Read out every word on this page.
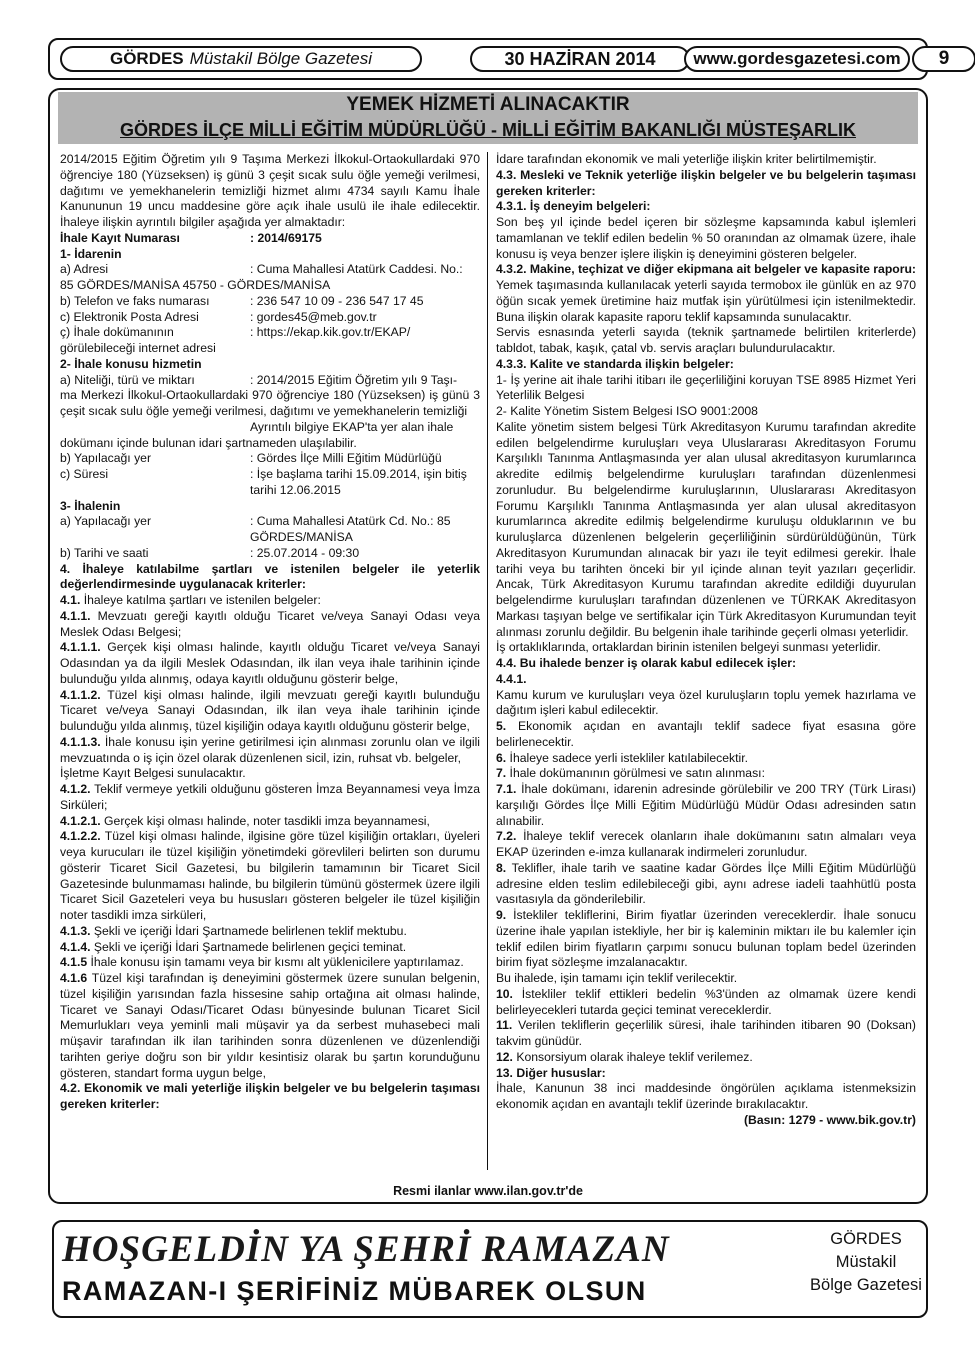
GÖRDES Müstakil Bölge Gazetesi	30 HAZİRAN 2014	www.gordesgazetesi.com	9
YEMEK HİZMETİ ALINACAKTIR
GÖRDES İLÇE MİLLİ EĞİTİM MÜDÜRLÜĞÜ - MİLLİ EĞİTİM BAKANLIĞI MÜSTEŞARLIK
2014/2015 Eğitim Öğretim yılı 9 Taşıma Merkezi İlkokul-Ortaokullardaki 970 öğrenciye 180 (Yüzseksen) iş günü 3 çeşit sıcak sulu öğle yemeği verilmesi, dağıtımı ve yemekhanelerin temizliği hizmet alımı 4734 sayılı Kamu İhale Kanununun 19 uncu maddesine göre açık ihale usulü ile ihale edilecektir. İhaleye ilişkin ayrıntılı bilgiler aşağıda yer almaktadır:
İhale Kayıt Numarası	: 2014/69175
1- İdarenin
a) Adresi	: Cuma Mahallesi Atatürk Caddesi. No.:
85 GÖRDES/MANİSA 45750 - GÖRDES/MANİSA
b) Telefon ve faks numarası	: 236 547 10 09 - 236 547 17 45
c) Elektronik Posta Adresi	: gordes45@meb.gov.tr
ç) İhale dokümanının	: https://ekap.kik.gov.tr/EKAP/
görülebileceği internet adresi
2- İhale konusu hizmetin
a) Niteliği, türü ve miktarı	: 2014/2015 Eğitim Öğretim yılı 9 Taşı-
ma Merkezi İlkokul-Ortaokullardaki 970 öğrenciye 180 (Yüzseksen) iş günü 3 çeşit sıcak sulu öğle yemeği verilmesi, dağıtımı ve yemekhanelerin temizliği
Ayrıntılı bilgiye EKAP'ta yer alan ihale
dokümanı içinde bulunan idari şartnameden ulaşılabilir.
b) Yapılacağı yer	: Gördes İlçe Milli Eğitim Müdürlüğü
c) Süresi	: İşe başlama tarihi 15.09.2014, işin bitiş
tarihi 12.06.2015
3- İhalenin
a) Yapılacağı yer	: Cuma Mahallesi Atatürk Cd. No.: 85
GÖRDES/MANİSA
b) Tarihi ve saati	: 25.07.2014 - 09:30
4. İhaleye katılabilme şartları ve istenilen belgeler ile yeterlik değerlendirmesinde uygulanacak kriterler:
4.1. İhaleye katılma şartları ve istenilen belgeler:
4.1.1. Mevzuatı gereği kayıtlı olduğu Ticaret ve/veya Sanayi Odası veya Meslek Odası Belgesi;
4.1.1.1. Gerçek kişi olması halinde, kayıtlı olduğu Ticaret ve/veya Sanayi Odasından ya da ilgili Meslek Odasından, ilk ilan veya ihale tarihinin içinde bulunduğu yılda alınmış, odaya kayıtlı olduğunu gösterir belge,
4.1.1.2. Tüzel kişi olması halinde, ilgili mevzuatı gereği kayıtlı bulunduğu Ticaret ve/veya Sanayi Odasından, ilk ilan veya ihale tarihinin içinde bulunduğu yılda alınmış, tüzel kişiliğin odaya kayıtlı olduğunu gösterir belge,
4.1.1.3. İhale konusu işin yerine getirilmesi için alınması zorunlu olan ve ilgili mevzuatında o iş için özel olarak düzenlenen sicil, izin, ruhsat vb. belgeler,
İşletme Kayıt Belgesi sunulacaktır.
4.1.2. Teklif vermeye yetkili olduğunu gösteren İmza Beyannamesi veya İmza Sirküleri;
4.1.2.1. Gerçek kişi olması halinde, noter tasdikli imza beyannamesi,
4.1.2.2. Tüzel kişi olması halinde, ilgisine göre tüzel kişiliğin ortakları, üyeleri veya kurucuları ile tüzel kişiliğin yönetimdeki görevlileri belirten son durumu gösterir Ticaret Sicil Gazetesi, bu bilgilerin tamamının bir Ticaret Sicil Gazetesinde bulunmaması halinde, bu bilgilerin tümünü göstermek üzere ilgili Ticaret Sicil Gazeteleri veya bu hususları gösteren belgeler ile tüzel kişiliğin noter tasdikli imza sirküleri,
4.1.3. Şekli ve içeriği İdari Şartnamede belirlenen teklif mektubu.
4.1.4. Şekli ve içeriği İdari Şartnamede belirlenen geçici teminat.
4.1.5 İhale konusu işin tamamı veya bir kısmı alt yüklenicilere yaptırılamaz.
4.1.6 Tüzel kişi tarafından iş deneyimini göstermek üzere sunulan belgenin, tüzel kişiliğin yarısından fazla hissesine sahip ortağına ait olması halinde, Ticaret ve Sanayi Odası/Ticaret Odası bünyesinde bulunan Ticaret Sicil Memurlukları veya yeminli mali müşavir ya da serbest muhasebeci mali müşavir tarafından ilk ilan tarihinden sonra düzenlenen ve düzenlendiği tarihten geriye doğru son bir yıldır kesintisiz olarak bu şartın korunduğunu gösteren, standart forma uygun belge,
4.2. Ekonomik ve mali yeterliğe ilişkin belgeler ve bu belgelerin taşıması gereken kriterler:
İdare tarafından ekonomik ve mali yeterliğe ilişkin kriter belirtilmemiştir.
4.3. Mesleki ve Teknik yeterliğe ilişkin belgeler ve bu belgelerin taşıması gereken kriterler:
4.3.1. İş deneyim belgeleri:
Son beş yıl içinde bedel içeren bir sözleşme kapsamında kabul işlemleri tamamlanan ve teklif edilen bedelin % 50 oranından az olmamak üzere, ihale konusu iş veya benzer işlere ilişkin iş deneyimini gösteren belgeler.
4.3.2. Makine, teçhizat ve diğer ekipmana ait belgeler ve kapasite raporu:
Yemek taşımasında kullanılacak yeterli sayıda termobox ile günlük en az 970 öğün sıcak yemek üretimine haiz mutfak işin yürütülmesi için istenilmektedir. Buna ilişkin olarak kapasite raporu teklif kapsamında sunulacaktır.
Servis esnasında yeterli sayıda (teknik şartnamede belirtilen kriterlerde) tabldot, tabak, kaşık, çatal vb. servis araçları bulundurulacaktır.
4.3.3. Kalite ve standarda ilişkin belgeler:
1- İş yerine ait ihale tarihi itibarı ile geçerliliğini koruyan TSE 8985 Hizmet Yeri Yeterlilik Belgesi
2- Kalite Yönetim Sistem Belgesi ISO 9001:2008
Kalite yönetim sistem belgesi Türk Akreditasyon Kurumu tarafından akredite edilen belgelendirme kuruluşları veya Uluslararası Akreditasyon Forumu Karşılıklı Tanınma Antlaşmasında yer alan ulusal akreditasyon kurumlarınca akredite edilmiş belgelendirme kuruluşları tarafından düzenlenmesi zorunludur. Bu belgelendirme kuruluşlarının, Uluslararası Akreditasyon Forumu Karşılıklı Tanınma Antlaşmasında yer alan ulusal akreditasyon kurumlarınca akredite edilmiş belgelendirme kuruluşu olduklarının ve bu kuruluşlarca düzenlenen belgelerin geçerliliğinin sürdürüldüğünün, Türk Akreditasyon Kurumundan alınacak bir yazı ile teyit edilmesi gerekir. İhale tarihi veya bu tarihten önceki bir yıl içinde alınan teyit yazıları geçerlidir. Ancak, Türk Akreditasyon Kurumu tarafından akredite edildiği duyurulan belgelendirme kuruluşları tarafından düzenlenen ve TÜRKAK Akreditasyon Markası taşıyan belge ve sertifikalar için Türk Akreditasyon Kurumundan teyit alınması zorunlu değildir. Bu belgenin ihale tarihinde geçerli olması yeterlidir.
İş ortaklıklarında, ortaklardan birinin istenilen belgeyi sunması yeterlidir.
4.4. Bu ihalede benzer iş olarak kabul edilecek işler:
4.4.1.
Kamu kurum ve kuruluşları veya özel kuruluşların toplu yemek hazırlama ve dağıtım işleri kabul edilecektir.
5. Ekonomik açıdan en avantajlı teklif sadece fiyat esasına göre belirlenecektir.
6. İhaleye sadece yerli istekliler katılabilecektir.
7. İhale dokümanının görülmesi ve satın alınması:
7.1. İhale dokümanı, idarenin adresinde görülebilir ve 200 TRY (Türk Lirası) karşılığı Gördes İlçe Milli Eğitim Müdürlüğü Müdür Odası adresinden satın alınabilir.
7.2. İhaleye teklif verecek olanların ihale dokümanını satın almaları veya EKAP üzerinden e-imza kullanarak indirmeleri zorunludur.
8. Teklifler, ihale tarih ve saatine kadar Gördes İlçe Milli Eğitim Müdürlüğü adresine elden teslim edilebileceği gibi, aynı adrese iadeli taahhütlü posta vasıtasıyla da gönderilebilir.
9. İstekliler tekliflerini, Birim fiyatlar üzerinden vereceklerdir. İhale sonucu üzerine ihale yapılan istekliyle, her bir iş kaleminin miktarı ile bu kalemler için teklif edilen birim fiyatların çarpımı sonucu bulunan toplam bedel üzerinden birim fiyat sözleşme imzalanacaktır.
Bu ihalede, işin tamamı için teklif verilecektir.
10. İstekliler teklif ettikleri bedelin %3'ünden az olmamak üzere kendi belirleyecekleri tutarda geçici teminat vereceklerdir.
11. Verilen tekliflerin geçerlilik süresi, ihale tarihinden itibaren 90 (Doksan) takvim günüdür.
12. Konsorsiyum olarak ihaleye teklif verilemez.
13. Diğer hususlar:
İhale, Kanunun 38 inci maddesinde öngörülen açıklama istenmeksizin ekonomik açıdan en avantajlı teklif üzerinde bırakılacaktır.
(Basın: 1279 - www.bik.gov.tr)
Resmi ilanlar www.ilan.gov.tr'de
HOŞGELDİN YA ŞEHRİ RAMAZAN
RAMAZAN-I ŞERİFİNİZ MÜBAREK OLSUN
GÖRDES
Müstakil
Bölge Gazetesi
